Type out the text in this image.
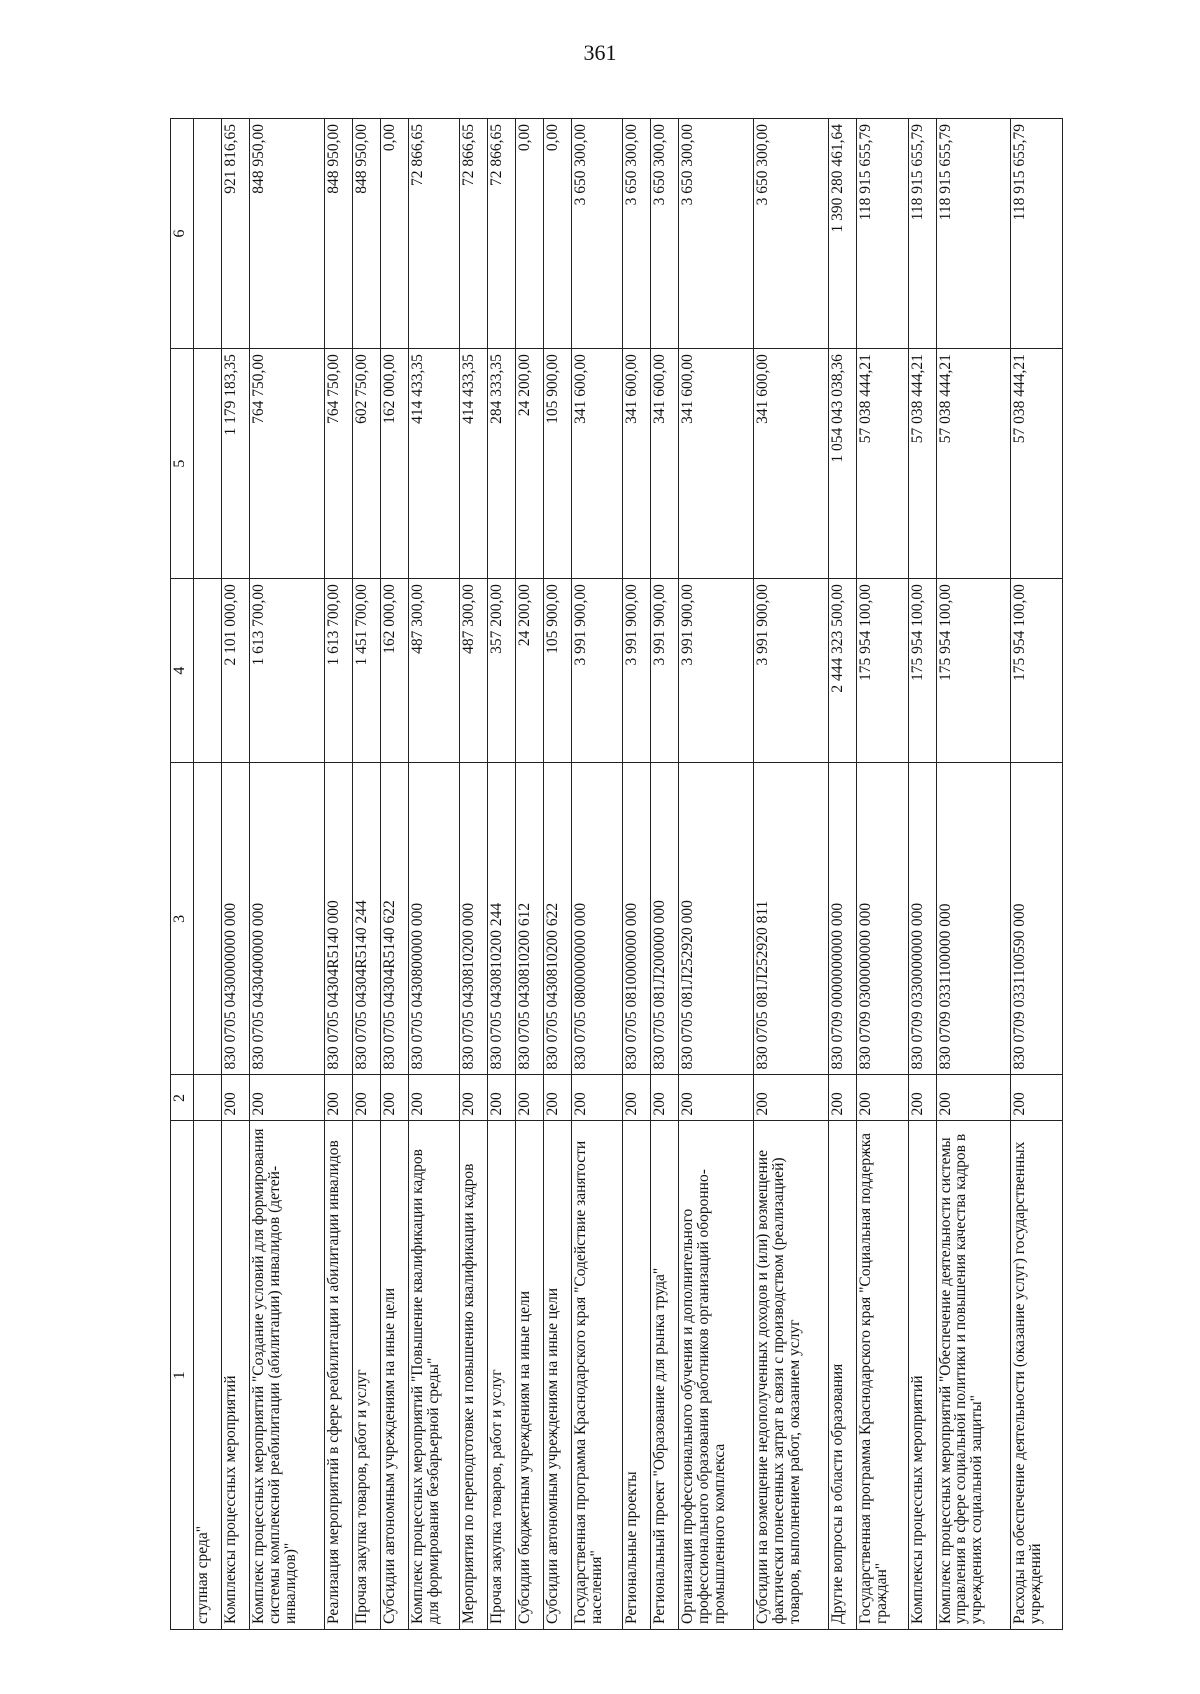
361
1	2	3	4	5	6
ступная среда"					
Комплексы процессных мероприятий	200	830 0705 0430000000 000	2 101 000,00	1 179 183,35	921 816,65
Комплекс процессных мероприятий "Создание условий для формирования системы комплексной реабилитации (абилитации) инвалидов (детей-инвалидов)"	200	830 0705 0430400000 000	1 613 700,00	764 750,00	848 950,00
Реализация мероприятий в сфере реабилитации и абилитации инвалидов	200	830 0705 04304R5140 000	1 613 700,00	764 750,00	848 950,00
Прочая закупка товаров, работ и услуг	200	830 0705 04304R5140 244	1 451 700,00	602 750,00	848 950,00
Субсидии автономным учреждениям на иные цели	200	830 0705 04304R5140 622	162 000,00	162 000,00	0,00
Комплекс процессных мероприятий "Повышение квалификации кадров для формирования безбарьерной среды"	200	830 0705 0430800000 000	487 300,00	414 433,35	72 866,65
Мероприятия по переподготовке и повышению квалификации кадров	200	830 0705 0430810200 000	487 300,00	414 433,35	72 866,65
Прочая закупка товаров, работ и услуг	200	830 0705 0430810200 244	357 200,00	284 333,35	72 866,65
Субсидии бюджетным учреждениям на иные цели	200	830 0705 0430810200 612	24 200,00	24 200,00	0,00
Субсидии автономным учреждениям на иные цели	200	830 0705 0430810200 622	105 900,00	105 900,00	0,00
Государственная программа Краснодарского края "Содействие занятости населения"	200	830 0705 0800000000 000	3 991 900,00	341 600,00	3 650 300,00
Региональные проекты	200	830 0705 0810000000 000	3 991 900,00	341 600,00	3 650 300,00
Региональный проект "Образование для рынка труда"	200	830 0705 081Л200000 000	3 991 900,00	341 600,00	3 650 300,00
Организация профессионального обучения и дополнительного профессионального образования работников организаций оборонно-промышленного комплекса	200	830 0705 081Л252920 000	3 991 900,00	341 600,00	3 650 300,00
Субсидии на возмещение недополученных доходов и (или) возмещение фактически понесенных затрат в связи с производством (реализацией) товаров, выполнением работ, оказанием услуг	200	830 0705 081Л252920 811	3 991 900,00	341 600,00	3 650 300,00
Другие вопросы в области образования	200	830 0709 0000000000 000	2 444 323 500,00	1 054 043 038,36	1 390 280 461,64
Государственная программа Краснодарского края "Социальная поддержка граждан"	200	830 0709 0300000000 000	175 954 100,00	57 038 444,21	118 915 655,79
Комплексы процессных мероприятий	200	830 0709 0330000000 000	175 954 100,00	57 038 444,21	118 915 655,79
Комплекс процессных мероприятий "Обеспечение деятельности системы управления в сфере социальной политики и повышения качества кадров в учреждениях социальной защиты"	200	830 0709 0331100000 000	175 954 100,00	57 038 444,21	118 915 655,79
Расходы на обеспечение деятельности (оказание услуг) государственных учреждений	200	830 0709 0331100590 000	175 954 100,00	57 038 444,21	118 915 655,79
